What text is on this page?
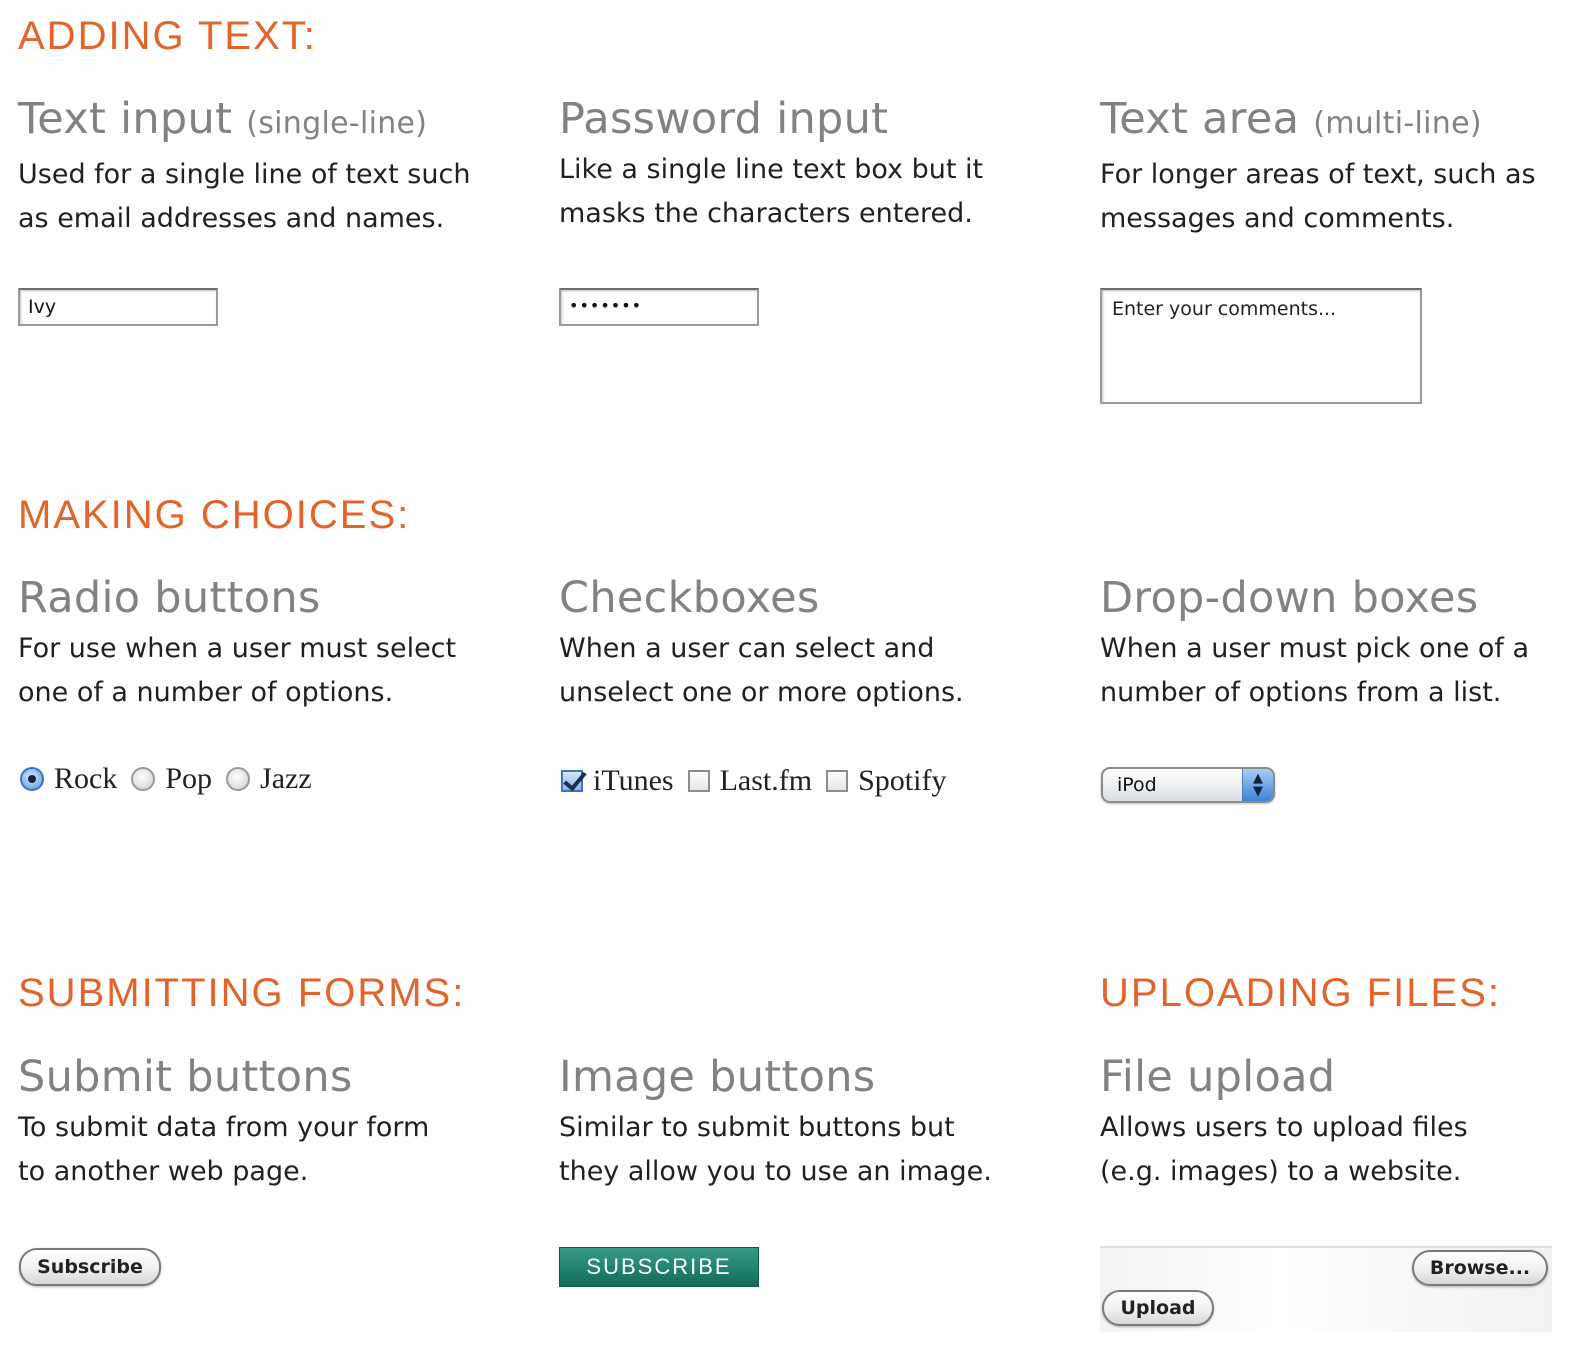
ADDING TEXT:
Text input (single-line)
Used for a single line of text such
as email addresses and names.
Ivy
Password input
Like a single line text box but it
masks the characters entered.
•••••••
Text area (multi-line)
For longer areas of text, such as
messages and comments.
Enter your comments...
MAKING CHOICES:
Radio buttons
For use when a user must select
one of a number of options.
Rock Pop Jazz
Checkboxes
When a user can select and
unselect one or more options.
iTunes Last.fm Spotify
Drop-down boxes
When a user must pick one of a
number of options from a list.
iPod	▲
▼
SUBMITTING FORMS:	UPLOADING FILES:
Submit buttons
To submit data from your form
to another web page.
Subscribe
Image buttons
Similar to submit buttons but
they allow you to use an image.
SUBSCRIBE
File upload
Allows users to upload files
(e.g. images) to a website.
Browse...
Upload
